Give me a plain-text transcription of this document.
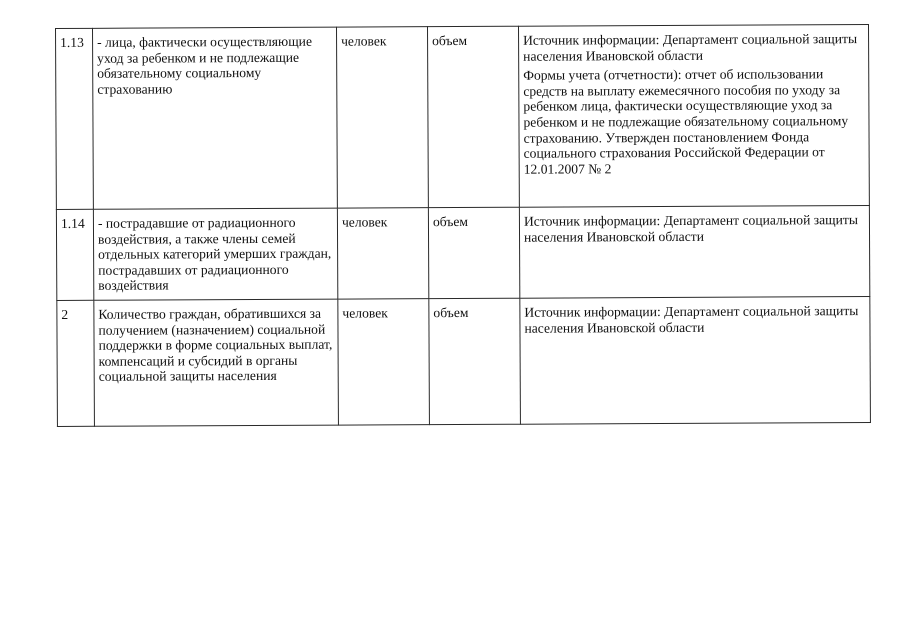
1.13	- лица, фактически осуществляющие уход за ребенком и не подлежащие обязательному социальному страхованию	человек	объем	Источник информации: Департамент социальной защиты населения Ивановской области

Формы учета (отчетности): отчет об использовании средств на выплату ежемесячного пособия по уходу за ребенком лица, фактически осуществляющие уход за ребенком и не подлежащие обязательному социальному страхованию. Утвержден постановлением Фонда социального страхования Российской Федерации от 12.01.2007 № 2

1.14	- пострадавшие от радиационного воздействия, а также члены семей отдельных категорий умерших граждан, пострадавших от радиационного воздействия	человек	объем	Источник информации: Департамент социальной защиты населения Ивановской области

2	Количество граждан, обратившихся за получением (назначением) социальной поддержки в форме социальных выплат, компенсаций и субсидий в органы социальной защиты населения	человек	объем	Источник информации: Департамент социальной защиты населения Ивановской области
